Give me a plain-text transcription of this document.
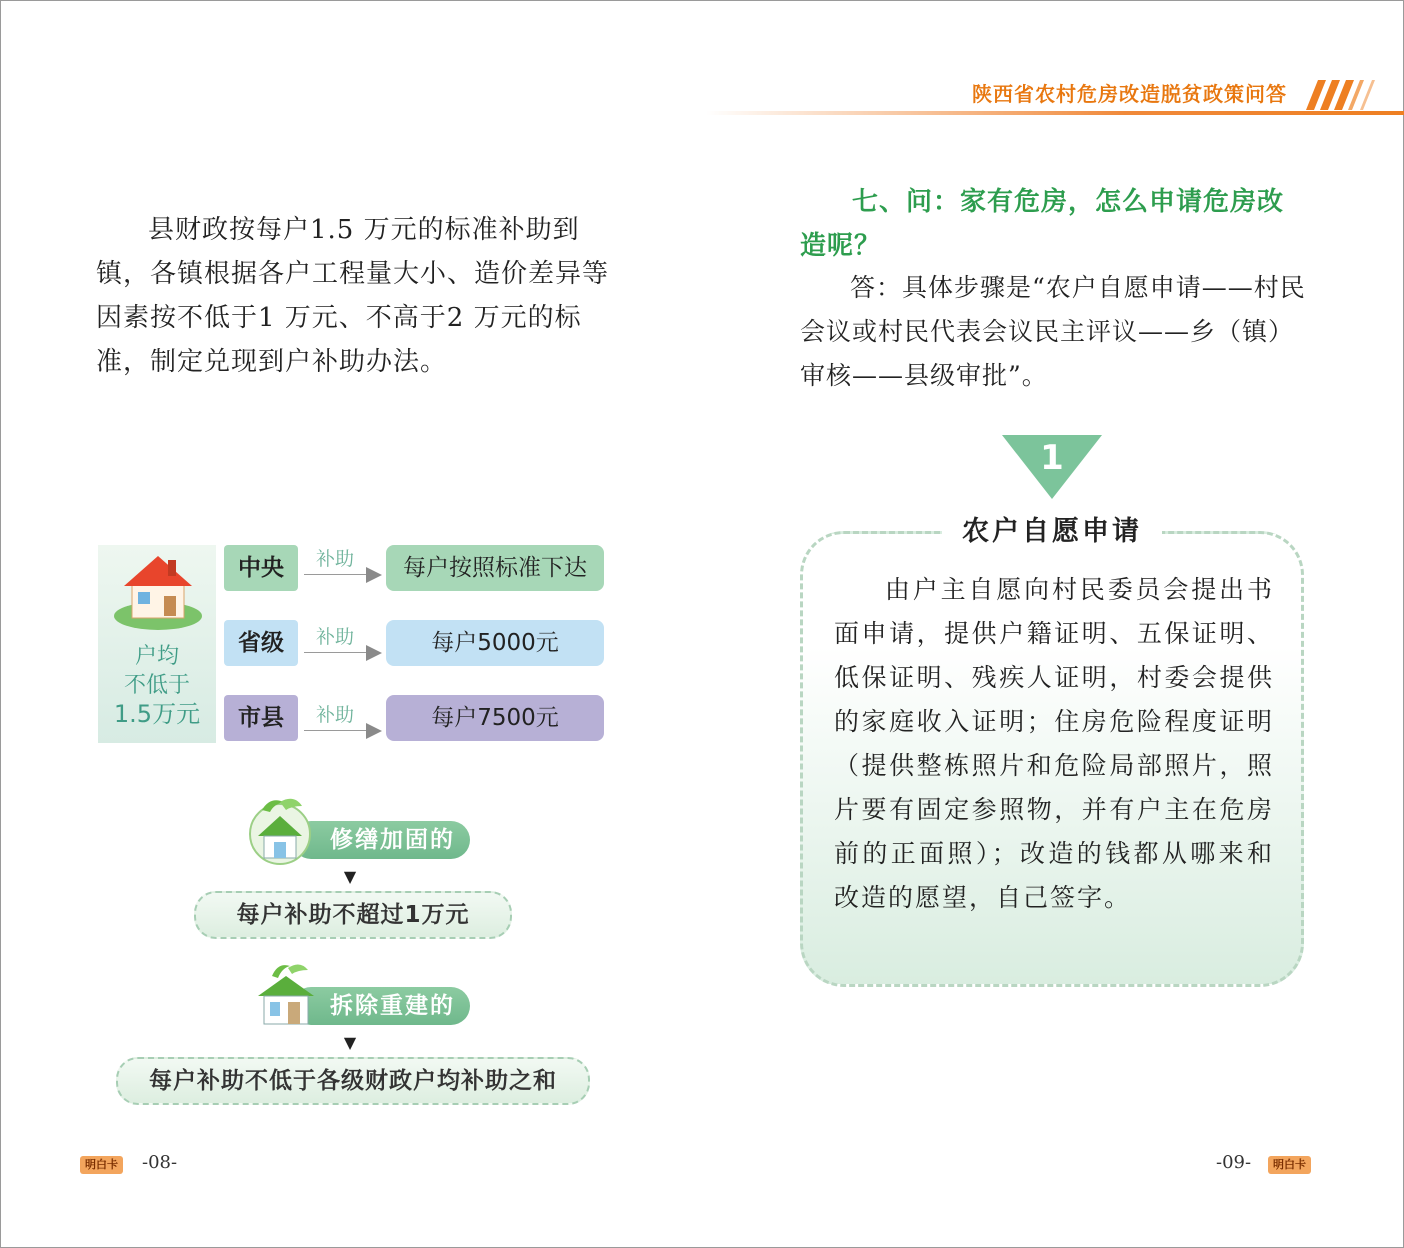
陕西省农村危房改造脱贫政策问答

县财政按每户1.5 万元的标准补助到镇，各镇根据各户工程量大小、造价差异等因素按不低于1 万元、不高于2 万元的标准，制定兑现到户补助办法。

户均
不低于
1.5万元
中央	补助	每户按照标准下达
省级	补助	每户5000元
市县	补助	每户7500元
修缮加固的
▼
每户补助不超过1万元
拆除重建的
▼
每户补助不低于各级财政户均补助之和
七、问：家有危房，怎么申请危房改造呢？
答：具体步骤是“农户自愿申请——村民会议或村民代表会议民主评议——乡（镇）审核——县级审批”。
1
农户自愿申请
由户主自愿向村民委员会提出书面申请，提供户籍证明、五保证明、低保证明、残疾人证明，村委会提供的家庭收入证明；住房危险程度证明（提供整栋照片和危险局部照片，照片要有固定参照物，并有户主在危房前的正面照）；改造的钱都从哪来和改造的愿望，自己签字。
明白卡 -08-	-09-	明白卡
